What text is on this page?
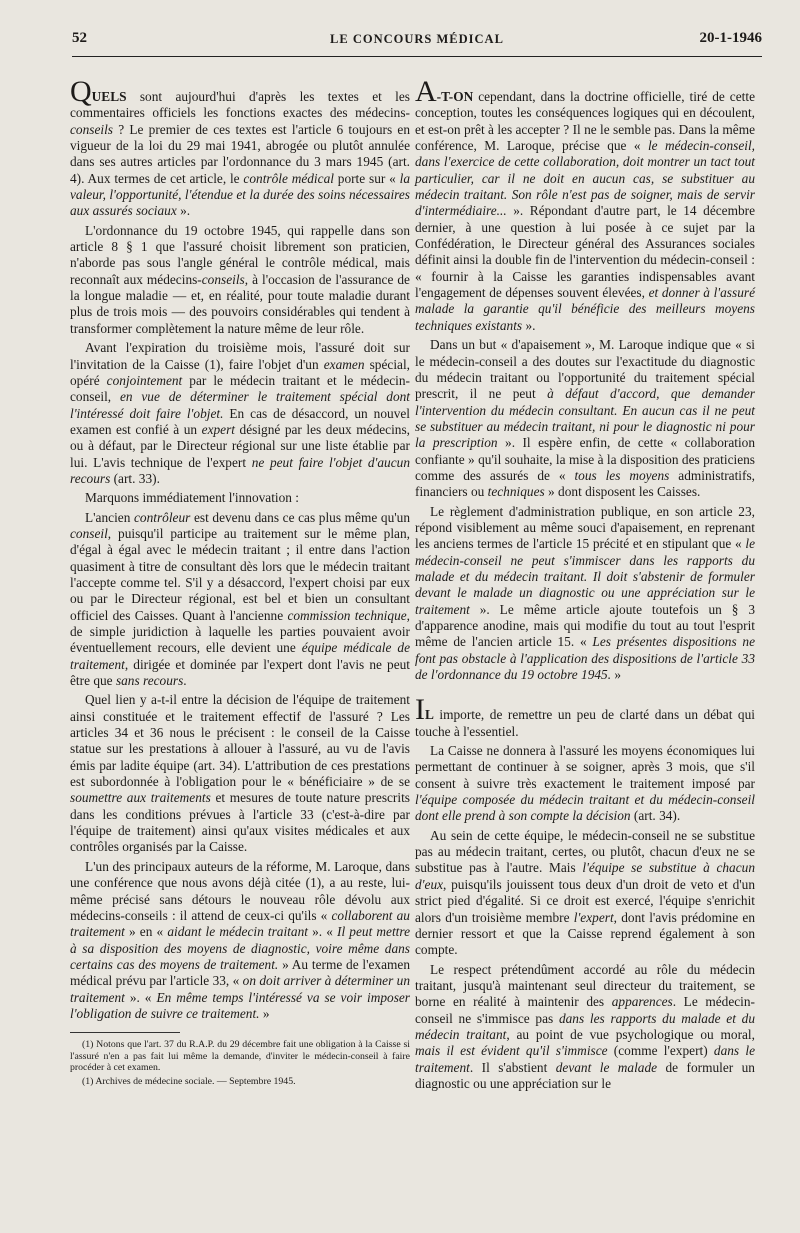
52	LE CONCOURS MÉDICAL	20-1-1946

QUELS sont aujourd'hui d'après les textes et les commentaires officiels les fonctions exactes des médecins-conseils ? Le premier de ces textes est l'article 6 toujours en vigueur de la loi du 29 mai 1941, abrogée ou plutôt annulée dans ses autres articles par l'ordonnance du 3 mars 1945 (art. 4). Aux termes de cet article, le contrôle médical porte sur « la valeur, l'opportunité, l'étendue et la durée des soins nécessaires aux assurés sociaux ».

L'ordonnance du 19 octobre 1945, qui rappelle dans son article 8 § 1 que l'assuré choisit librement son praticien, n'aborde pas sous l'angle général le contrôle médical, mais reconnaît aux médecins-conseils, à l'occasion de l'assurance de la longue maladie — et, en réalité, pour toute maladie durant plus de trois mois — des pouvoirs considérables qui tendent à transformer complètement la nature même de leur rôle.

Avant l'expiration du troisième mois, l'assuré doit sur l'invitation de la Caisse (1), faire l'objet d'un examen spécial, opéré conjointement par le médecin traitant et le médecin-conseil, en vue de déterminer le traitement spécial dont l'intéressé doit faire l'objet. En cas de désaccord, un nouvel examen est confié à un expert désigné par les deux médecins, ou à défaut, par le Directeur régional sur une liste établie par lui. L'avis technique de l'expert ne peut faire l'objet d'aucun recours (art. 33).

Marquons immédiatement l'innovation :

L'ancien contrôleur est devenu dans ce cas plus même qu'un conseil, puisqu'il participe au traitement sur le même plan, d'égal à égal avec le médecin traitant ; il entre dans l'action quasiment à titre de consultant dès lors que le médecin traitant l'accepte comme tel. S'il y a désaccord, l'expert choisi par eux ou par le Directeur régional, est bel et bien un consultant officiel des Caisses. Quant à l'ancienne commission technique, de simple juridiction à laquelle les parties pouvaient avoir éventuellement recours, elle devient une équipe médicale de traitement, dirigée et dominée par l'expert dont l'avis ne peut être que sans recours.

Quel lien y a-t-il entre la décision de l'équipe de traitement ainsi constituée et le traitement effectif de l'assuré ? Les articles 34 et 36 nous le précisent : le conseil de la Caisse statue sur les prestations à allouer à l'assuré, au vu de l'avis émis par ladite équipe (art. 34). L'attribution de ces prestations est subordonnée à l'obligation pour le « bénéficiaire » de se soumettre aux traitements et mesures de toute nature prescrits dans les conditions prévues à l'article 33 (c'est-à-dire par l'équipe de traitement) ainsi qu'aux visites médicales et aux contrôles organisés par la Caisse.

L'un des principaux auteurs de la réforme, M. Laroque, dans une conférence que nous avons déjà citée (1), a au reste, lui-même précisé sans détours le nouveau rôle dévolu aux médecins-conseils : il attend de ceux-ci qu'ils « collaborent au traitement » en « aidant le médecin traitant ». « Il peut mettre à sa disposition des moyens de diagnostic, voire même dans certains cas des moyens de traitement. » Au terme de l'examen médical prévu par l'article 33, « on doit arriver à déterminer un traitement ». « En même temps l'intéressé va se voir imposer l'obligation de suivre ce traitement. »

(1) Notons que l'art. 37 du R.A.P. du 29 décembre fait une obligation à la Caisse si l'assuré n'en a pas fait lui même la demande, d'inviter le médecin-conseil à faire procéder à cet examen.

(1) Archives de médecine sociale. — Septembre 1945.

A-T-ON cependant, dans la doctrine officielle, tiré de cette conception, toutes les conséquences logiques qui en découlent, et est-on prêt à les accepter ? Il ne le semble pas. Dans la même conférence, M. Laroque, précise que « le médecin-conseil, dans l'exercice de cette collaboration, doit montrer un tact tout particulier, car il ne doit en aucun cas, se substituer au médecin traitant. Son rôle n'est pas de soigner, mais de servir d'intermédiaire... ». Répondant d'autre part, le 14 décembre dernier, à une question à lui posée à ce sujet par la Confédération, le Directeur général des Assurances sociales définit ainsi la double fin de l'intervention du médecin-conseil : « fournir à la Caisse les garanties indispensables avant l'engagement de dépenses souvent élevées, et donner à l'assuré malade la garantie qu'il bénéficie des meilleurs moyens techniques existants ».

Dans un but « d'apaisement », M. Laroque indique que « si le médecin-conseil a des doutes sur l'exactitude du diagnostic du médecin traitant ou l'opportunité du traitement spécial prescrit, il ne peut à défaut d'accord, que demander l'intervention du médecin consultant. En aucun cas il ne peut se substituer au médecin traitant, ni pour le diagnostic ni pour la prescription ». Il espère enfin, de cette « collaboration confiante » qu'il souhaite, la mise à la disposition des praticiens comme des assurés de « tous les moyens administratifs, financiers ou techniques » dont disposent les Caisses.

Le règlement d'administration publique, en son article 23, répond visiblement au même souci d'apaisement, en reprenant les anciens termes de l'article 15 précité et en stipulant que « le médecin-conseil ne peut s'immiscer dans les rapports du malade et du médecin traitant. Il doit s'abstenir de formuler devant le malade un diagnostic ou une appréciation sur le traitement ». Le même article ajoute toutefois un § 3 d'apparence anodine, mais qui modifie du tout au tout l'esprit même de l'ancien article 15. « Les présentes dispositions ne font pas obstacle à l'application des dispositions de l'article 33 de l'ordonnance du 19 octobre 1945. »

IL importe, de remettre un peu de clarté dans un débat qui touche à l'essentiel.

La Caisse ne donnera à l'assuré les moyens économiques lui permettant de continuer à se soigner, après 3 mois, que s'il consent à suivre très exactement le traitement imposé par l'équipe composée du médecin traitant et du médecin-conseil dont elle prend à son compte la décision (art. 34).

Au sein de cette équipe, le médecin-conseil ne se substitue pas au médecin traitant, certes, ou plutôt, chacun d'eux ne se substitue pas à l'autre. Mais l'équipe se substitue à chacun d'eux, puisqu'ils jouissent tous deux d'un droit de veto et d'un strict pied d'égalité. Si ce droit est exercé, l'équipe s'enrichit alors d'un troisième membre l'expert, dont l'avis prédomine en dernier ressort et que la Caisse reprend également à son compte.

Le respect prétendûment accordé au rôle du médecin traitant, jusqu'à maintenant seul directeur du traitement, se borne en réalité à maintenir des apparences. Le médecin-conseil ne s'immisce pas dans les rapports du malade et du médecin traitant, au point de vue psychologique ou moral, mais il est évident qu'il s'immisce (comme l'expert) dans le traitement. Il s'abstient devant le malade de formuler un diagnostic ou une appréciation sur le
